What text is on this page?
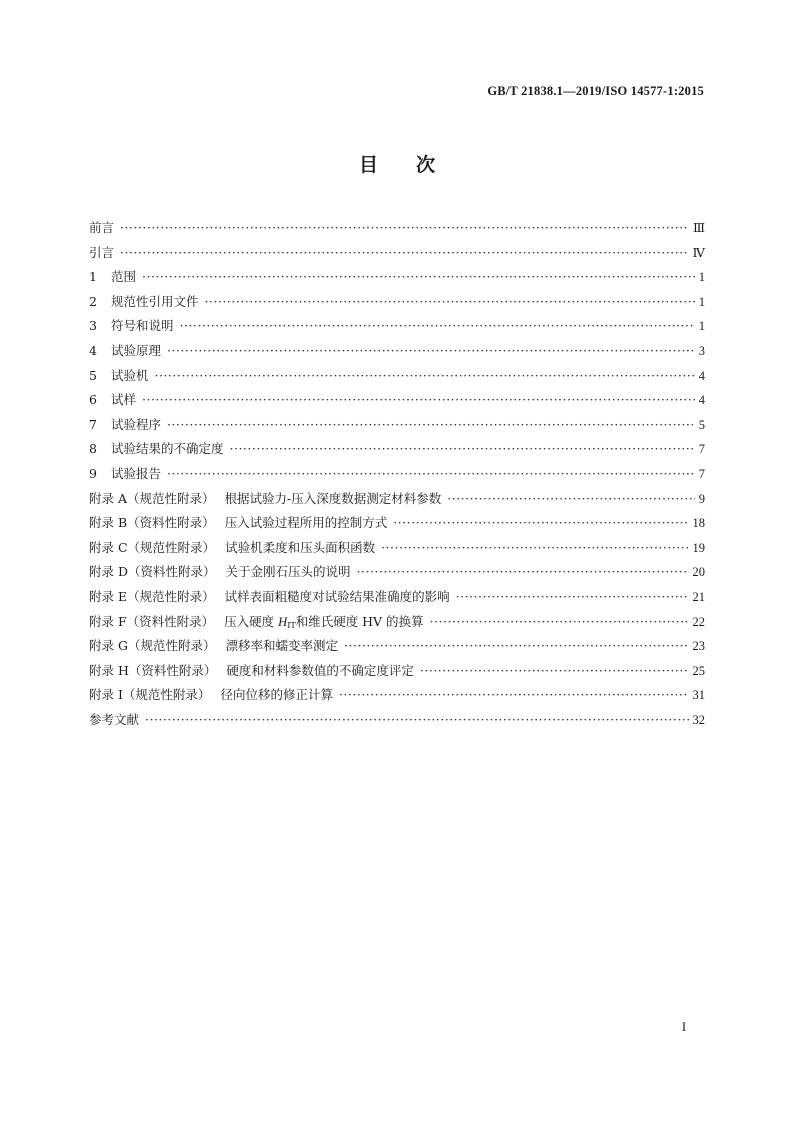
GB/T 21838.1—2019/ISO 14577-1:2015
目次
前言 ·····	Ⅲ
引言 ·····	Ⅳ
1 范围 ·····	1
2 规范性引用文件 ·····	1
3 符号和说明 ·····	1
4 试验原理 ·····	3
5 试验机 ·····	4
6 试样 ·····	4
7 试验程序 ·····	5
8 试验结果的不确定度 ·····	7
9 试验报告 ·····	7
附录 A（规范性附录） 根据试验力-压入深度数据测定材料参数 ·····	9
附录 B（资料性附录） 压入试验过程所用的控制方式 ·····	18
附录 C（规范性附录） 试验机柔度和压头面积函数 ·····	19
附录 D（资料性附录） 关于金刚石压头的说明 ·····	20
附录 E（规范性附录） 试样表面粗糙度对试验结果准确度的影响 ·····	21
附录 F（资料性附录） 压入硬度 $H_{IT}$和维氏硬度 HV 的换算 ·····	22
附录 G（规范性附录） 漂移率和蠕变率测定 ·····	23
附录 H（资料性附录） 硬度和材料参数值的不确定度评定 ·····	25
附录 I（规范性附录） 径向位移的修正计算 ·····	31
参考文献 ·····	32
I
